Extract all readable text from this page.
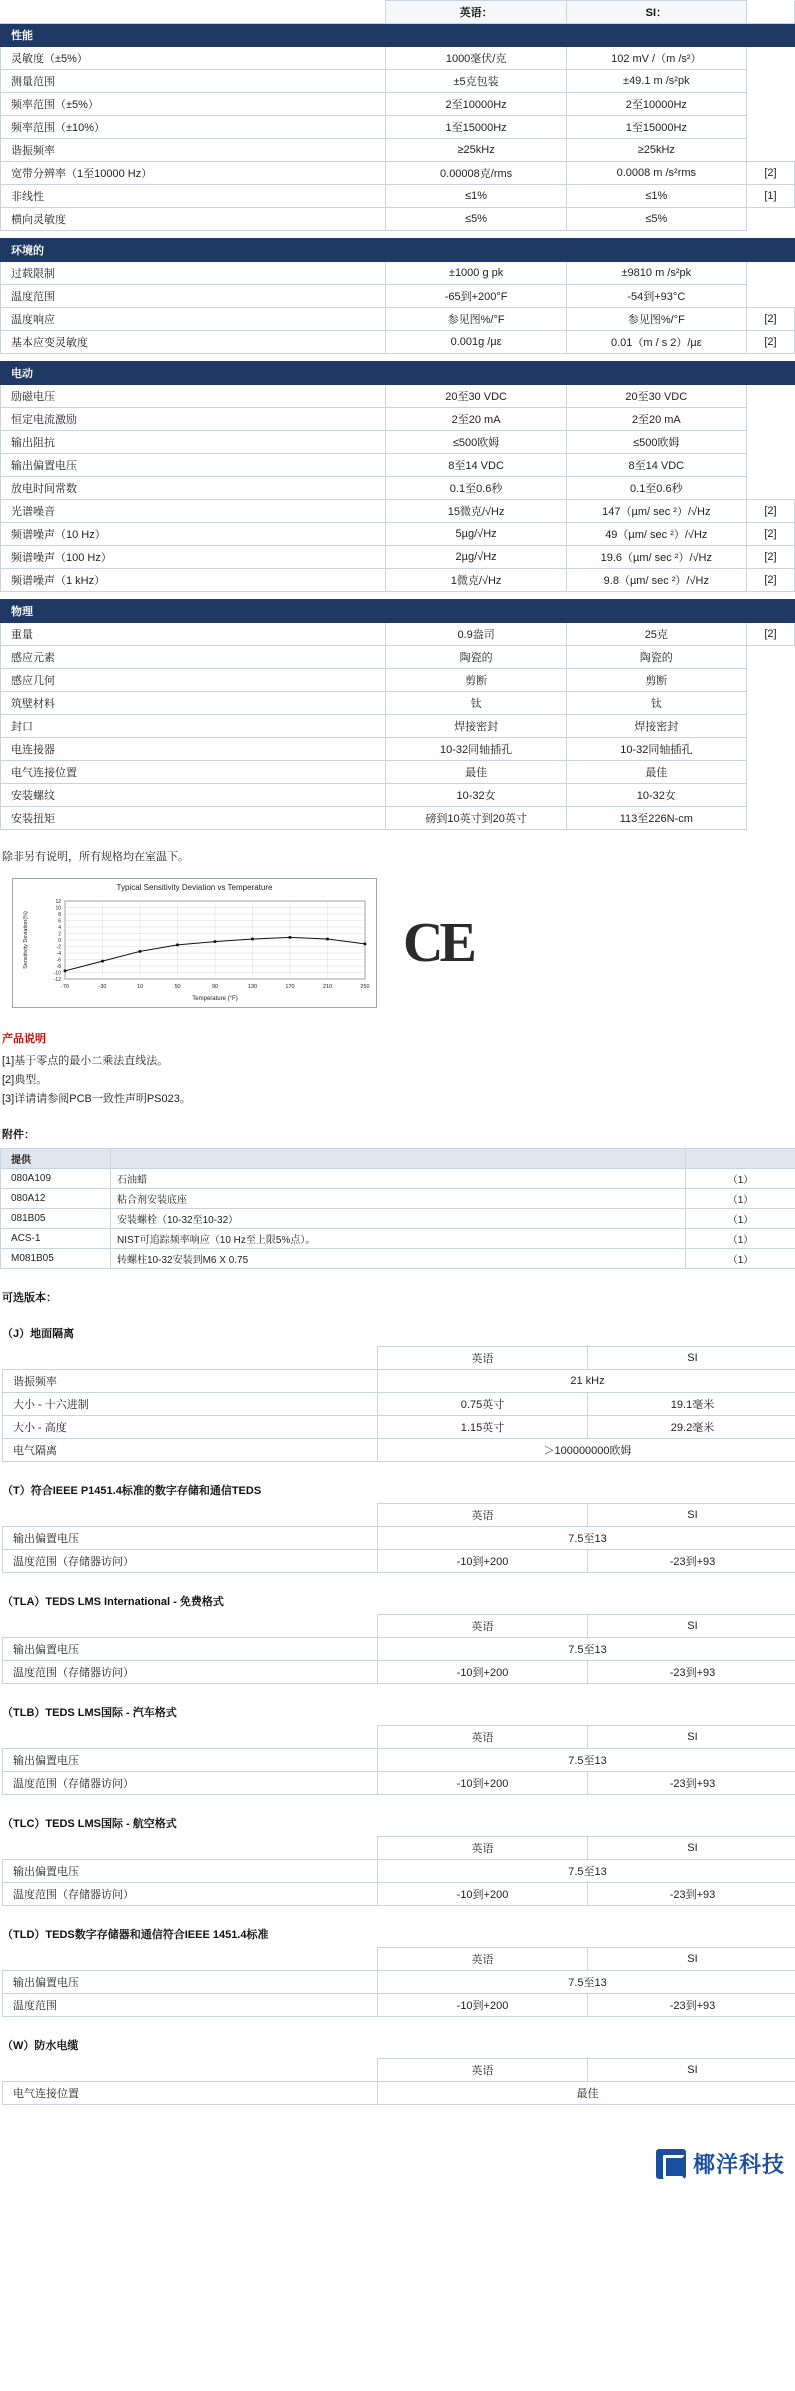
	英语：	SI：	
性能			
灵敏度（±5%）	1000毫伏/克	102 mV /（m /s²）	
测量范围	±5克包装	±49.1 m /s²pk	
频率范围（±5%）	2至10000Hz	2至10000Hz	
频率范围（±10%）	1至15000Hz	1至15000Hz	
谐振频率	≥25kHz	≥25kHz	
宽带分辨率（1至10000 Hz）	0.00008克/rms	0.0008 m /s²rms	[2]
非线性	≤1%	≤1%	[1]
横向灵敏度	≤5%	≤5%	

环境的			
过载限制	±1000 g pk	±9810 m /s²pk	
温度范围	-65到+200°F	-54到+93°C	
温度响应	参见图%/°F	参见图%/°F	[2]
基本应变灵敏度	0.001g /µε	0.01（m / s 2）/µε	[2]

电动			
励磁电压	20至30 VDC	20至30 VDC	
恒定电流激励	2至20 mA	2至20 mA	
输出阻抗	≤500欧姆	≤500欧姆	
输出偏置电压	8至14 VDC	8至14 VDC	
放电时间常数	0.1至0.6秒	0.1至0.6秒	
光谱噪音	15微克/√Hz	147（µm/ sec ²）/√Hz	[2]
频谱噪声（10 Hz）	5µg/√Hz	49（µm/ sec ²）/√Hz	[2]
频谱噪声（100 Hz）	2µg/√Hz	19.6（µm/ sec ²）/√Hz	[2]
频谱噪声（1 kHz）	1微克/√Hz	9.8（µm/ sec ²）/√Hz	[2]

物理			
重量	0.9盎司	25克	[2]
感应元素	陶瓷的	陶瓷的	
感应几何	剪断	剪断	
筑壁材料	钛	钛	
封口	焊接密封	焊接密封	
电连接器	10-32同轴插孔	10-32同轴插孔	
电气连接位置	最佳	最佳	
安装螺纹	10-32女	10-32女	
安装扭矩	磅到10英寸到20英寸	113至226N-cm	
除非另有说明，所有规格均在室温下。
Typical Sensitivity Deviation vs Temperature
12
10
8
6
4
2
0
-2
-4
-6
-8
-10
-12
-70	-30	10	50	90	130	170	210	250
Temperature (°F)
Sensitivity Deviation(%)	CE
产品说明
[1]基于零点的最小二乘法直线法。
[2]典型。
[3]详请请参阅PCB一致性声明PS023。
附件：
提供		
080A109	石油蜡	（1）
080A12	粘合剂安装底座	（1）
081B05	安装螺栓（10-32至10-32）	（1）
ACS-1	NIST可追踪频率响应（10 Hz至上限5%点）。	（1）
M081B05	转螺柱10-32安装到M6 X 0.75	（1）
可选版本：
（J）地面隔离
	英语	SI
谐振频率	21 kHz	
大小 - 十六进制	0.75英寸	19.1毫米
大小 - 高度	1.15英寸	29.2毫米
电气隔离	＞100000000欧姆	
（T）符合IEEE P1451.4标准的数字存储和通信TEDS
	英语	SI
输出偏置电压	7.5至13	
温度范围（存储器访问）	-10到+200	-23到+93
（TLA）TEDS LMS International - 免费格式
	英语	SI
输出偏置电压	7.5至13	
温度范围（存储器访问）	-10到+200	-23到+93
（TLB）TEDS LMS国际 - 汽车格式
	英语	SI
输出偏置电压	7.5至13	
温度范围（存储器访问）	-10到+200	-23到+93
（TLC）TEDS LMS国际 - 航空格式
	英语	SI
输出偏置电压	7.5至13	
温度范围（存储器访问）	-10到+200	-23到+93
（TLD）TEDS数字存储器和通信符合IEEE 1451.4标准
	英语	SI
输出偏置电压	7.5至13	
温度范围	-10到+200	-23到+93
（W）防水电缆
	英语	SI
电气连接位置	最佳	
椰洋科技
